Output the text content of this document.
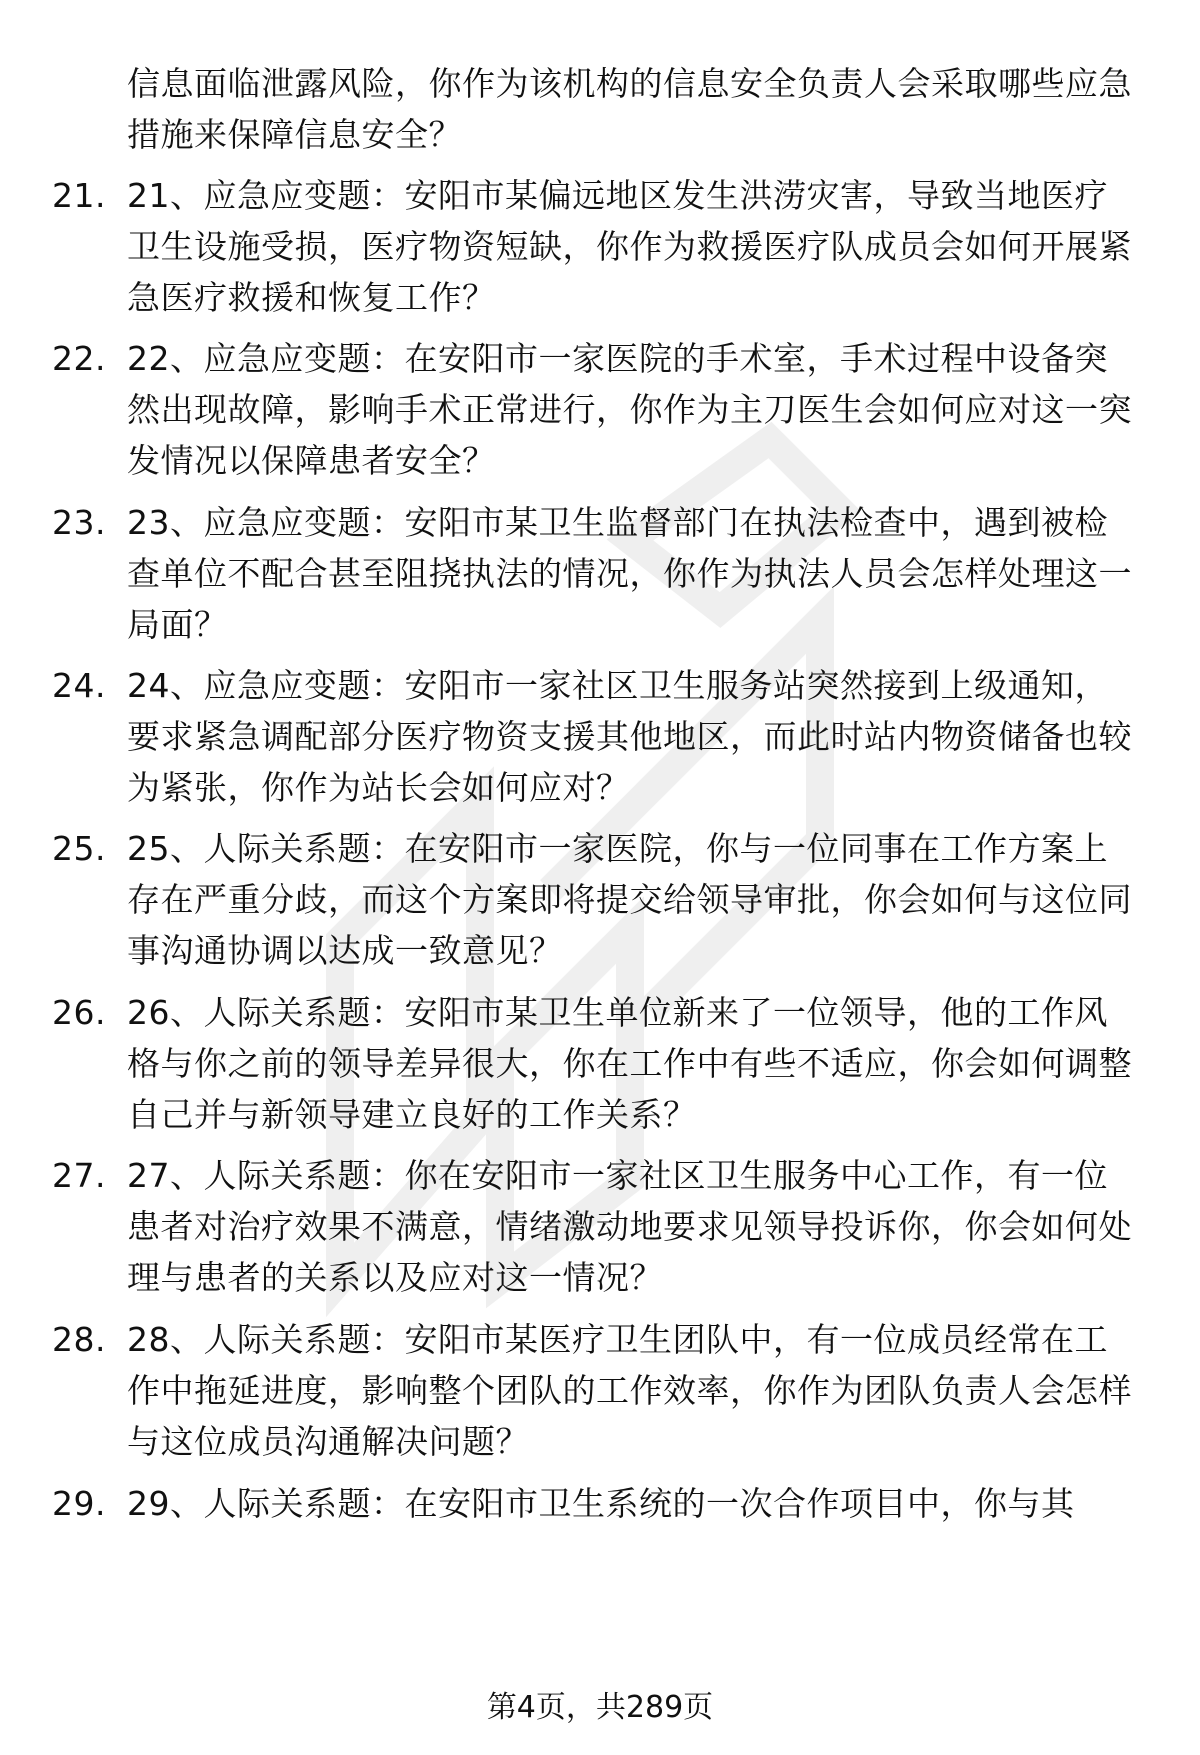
信息面临泄露风险，你作为该机构的信息安全负责人会采取哪些应急措施来保障信息安全？
21. 21、应急应变题：安阳市某偏远地区发生洪涝灾害，导致当地医疗卫生设施受损，医疗物资短缺，你作为救援医疗队成员会如何开展紧急医疗救援和恢复工作？
22. 22、应急应变题：在安阳市一家医院的手术室，手术过程中设备突然出现故障，影响手术正常进行，你作为主刀医生会如何应对这一突发情况以保障患者安全？
23. 23、应急应变题：安阳市某卫生监督部门在执法检查中，遇到被检查单位不配合甚至阻挠执法的情况，你作为执法人员会怎样处理这一局面？
24. 24、应急应变题：安阳市一家社区卫生服务站突然接到上级通知，要求紧急调配部分医疗物资支援其他地区，而此时站内物资储备也较为紧张，你作为站长会如何应对？
25. 25、人际关系题：在安阳市一家医院，你与一位同事在工作方案上存在严重分歧，而这个方案即将提交给领导审批，你会如何与这位同事沟通协调以达成一致意见？
26. 26、人际关系题：安阳市某卫生单位新来了一位领导，他的工作风格与你之前的领导差异很大，你在工作中有些不适应，你会如何调整自己并与新领导建立良好的工作关系？
27. 27、人际关系题：你在安阳市一家社区卫生服务中心工作，有一位患者对治疗效果不满意，情绪激动地要求见领导投诉你，你会如何处理与患者的关系以及应对这一情况？
28. 28、人际关系题：安阳市某医疗卫生团队中，有一位成员经常在工作中拖延进度，影响整个团队的工作效率，你作为团队负责人会怎样与这位成员沟通解决问题？
29. 29、人际关系题：在安阳市卫生系统的一次合作项目中，你与其
第4页，共289页
